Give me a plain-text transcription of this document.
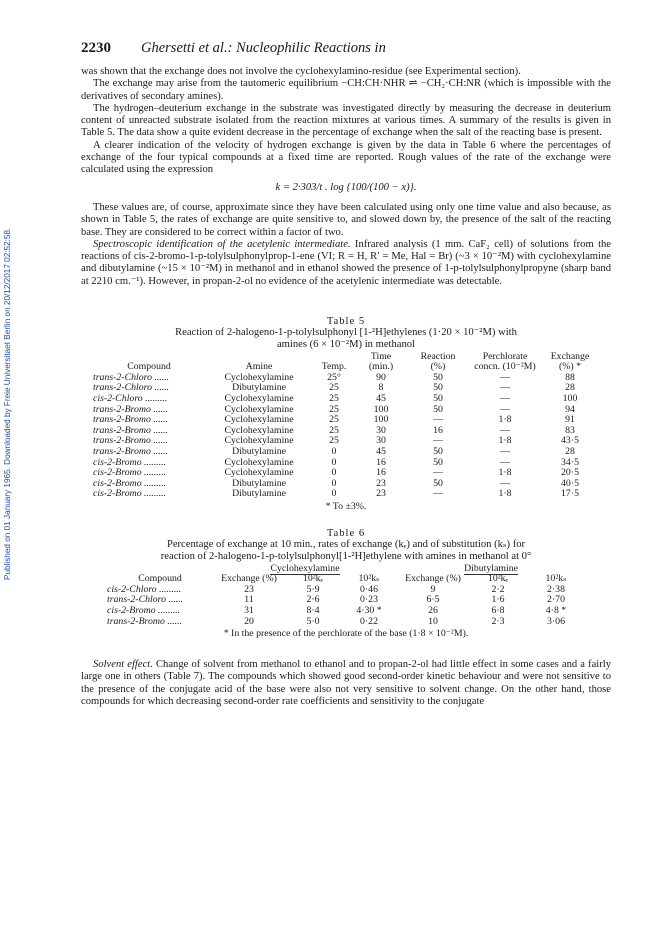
Published on 01 January 1965. Downloaded by Freie Universitaet Berlin on 20/12/2017 02:52:58.
2230 Ghersetti et al.: Nucleophilic Reactions in

was shown that the exchange does not involve the cyclohexylamino-residue (see Experimental section).

The exchange may arise from the tautomeric equilibrium −CH:CH·NHR ⇌ −CH₂·CH:NR (which is impossible with the derivatives of secondary amines).

The hydrogen–deuterium exchange in the substrate was investigated directly by measuring the decrease in deuterium content of unreacted substrate isolated from the reaction mixtures at various times. A summary of the results is given in Table 5. The data show a quite evident decrease in the percentage of exchange when the salt of the reacting base is present.

A clearer indication of the velocity of hydrogen exchange is given by the data in Table 6 where the percentages of exchange of the four typical compounds at a fixed time are reported. Rough values of the rate of the exchange were calculated using the expression

k = 2·303/t . log {100/(100 − x)}.

These values are, of course, approximate since they have been calculated using only one time value and also because, as shown in Table 5, the rates of exchange are quite sensitive to, and slowed down by, the presence of the salt of the reacting base. They are considered to be correct within a factor of two.

Spectroscopic identification of the acetylenic intermediate. Infrared analysis (1 mm. CaF₂ cell) of solutions from the reactions of cis-2-bromo-1-p-tolylsulphonylprop-1-ene (VI; R = H, R′ = Me, Hal = Br) (~3 × 10⁻²M) with cyclohexylamine and dibutylamine (~15 × 10⁻²M) in methanol and in ethanol showed the presence of 1-p-tolylsulphonylpropyne (sharp band at 2210 cm.⁻¹). However, in propan-2-ol no evidence of the acetylenic intermediate was detectable.

Table 5
Reaction of 2-halogeno-1-p-tolylsulphonyl [1-²H]ethylenes (1·20 × 10⁻²M) with
amines (6 × 10⁻²M) in methanol
			Time	Reaction	Perchlorate	Exchange
Compound	Amine	Temp.	(min.)	(%)	concn. (10⁻²M)	(%) *
trans-2-Chloro ......	Cyclohexylamine	25°	90	50	—	88
trans-2-Chloro ......	Dibutylamine	25	8	50	—	28
cis-2-Chloro .........	Cyclohexylamine	25	45	50	—	100
trans-2-Bromo ......	Cyclohexylamine	25	100	50	—	94
trans-2-Bromo ......	Cyclohexylamine	25	100	—	1·8	91
trans-2-Bromo ......	Cyclohexylamine	25	30	16	—	83
trans-2-Bromo ......	Cyclohexylamine	25	30	—	1·8	43·5
trans-2-Bromo ......	Dibutylamine	0	45	50	—	28
cis-2-Bromo .........	Cyclohexylamine	0	16	50	—	34·5
cis-2-Bromo .........	Cyclohexylamine	0	16	—	1·8	20·5
cis-2-Bromo .........	Dibutylamine	0	23	50	—	40·5
cis-2-Bromo .........	Dibutylamine	0	23	—	1·8	17·5
* To ±3%.
Table 6
Percentage of exchange at 10 min., rates of exchange (kₑ) and of substitution (kₛ) for
reaction of 2-halogeno-1-p-tolylsulphonyl[1-²H]ethylene with amines in methanol at 0°
	Cyclohexylamine			Dibutylamine		
Compound	Exchange (%)	10²kₑ	10²kₛ	Exchange (%)	10²kₑ	10²kₛ
cis-2-Chloro .........	23	5·9	0·46	9	2·2	2·38
trans-2-Chloro ......	11	2·6	0·23	6·5	1·6	2·70
cis-2-Bromo .........	31	8·4	4·30 *	26	6·8	4·8 *
trans-2-Bromo ......	20	5·0	0·22	10	2·3	3·06
* In the presence of the perchlorate of the base (1·8 × 10⁻²M).

Solvent effect. Change of solvent from methanol to ethanol and to propan-2-ol had little effect in some cases and a fairly large one in others (Table 7). The compounds which showed good second-order kinetic behaviour and were not sensitive to the presence of the conjugate acid of the base were also not very sensitive to solvent change. On the other hand, those compounds for which decreasing second-order rate coefficients and sensitivity to the conjugate
